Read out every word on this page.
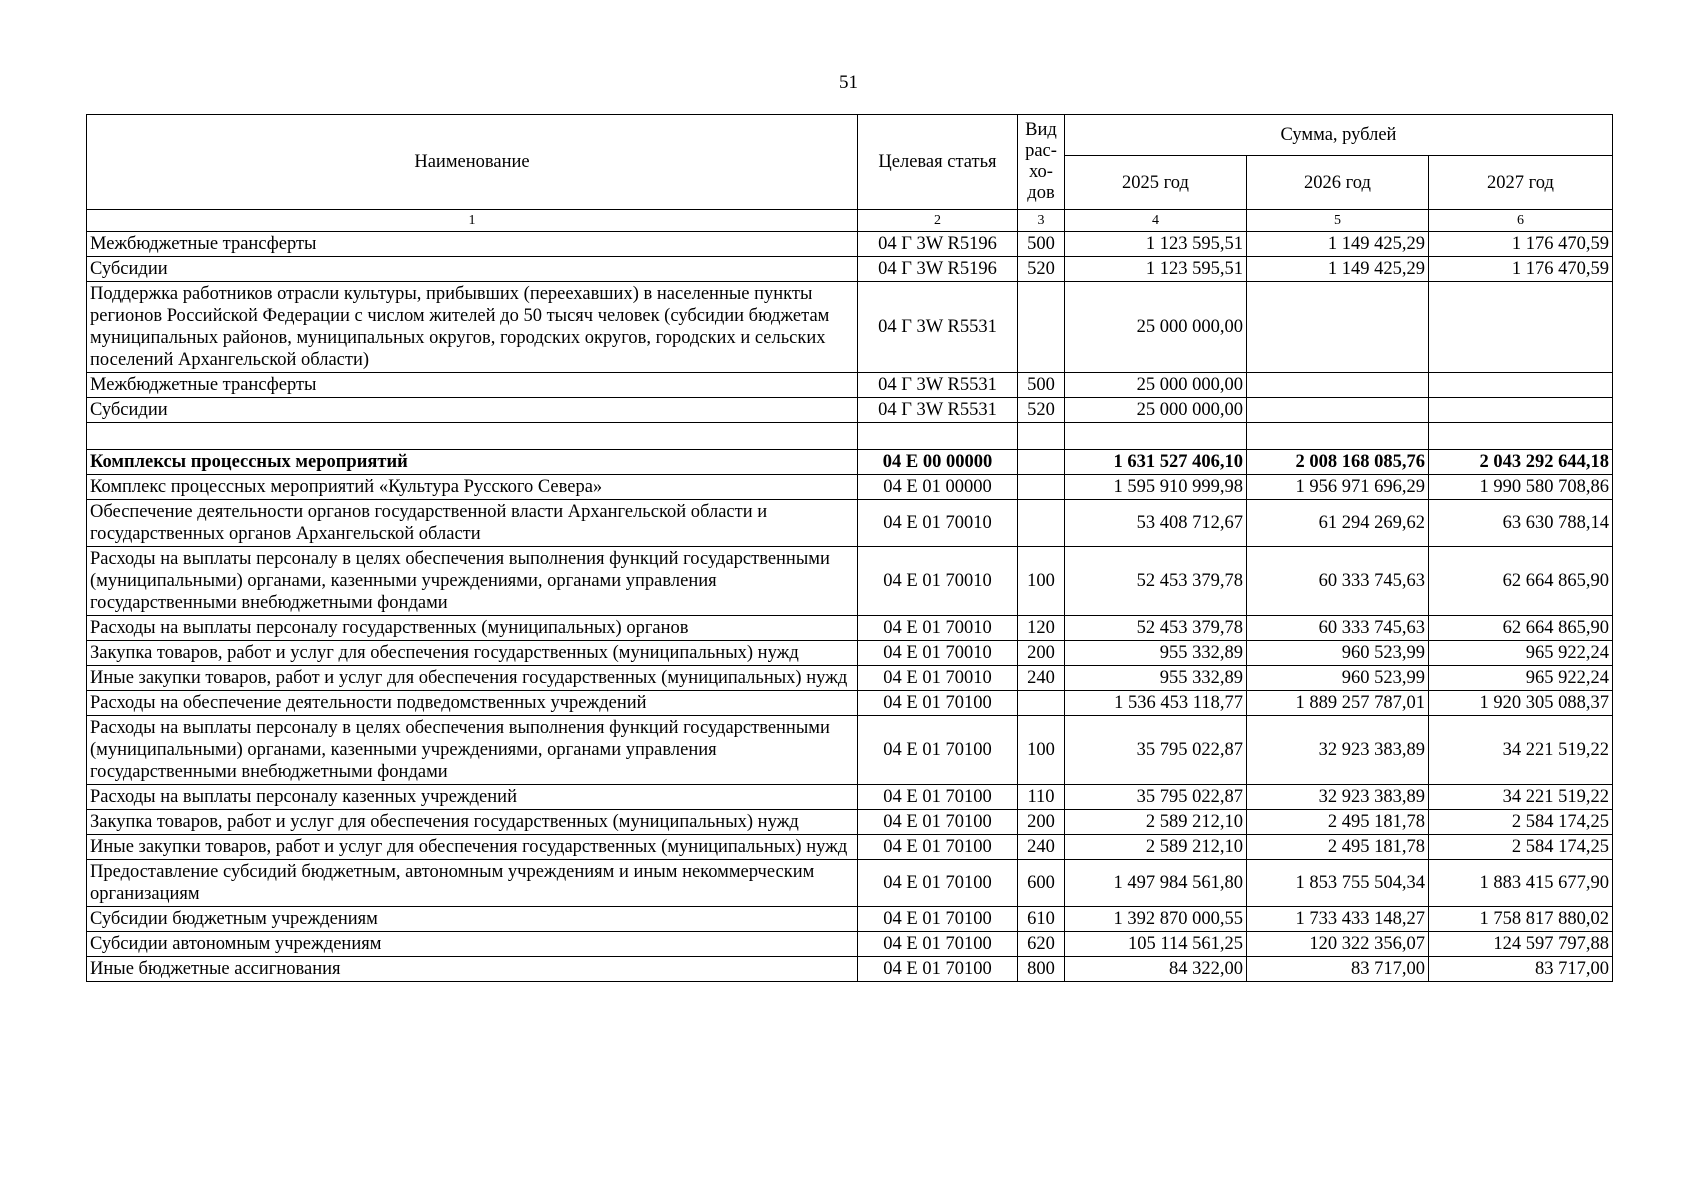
51
Наименование	Целевая статья	Вид рас-хо-дов	Сумма, рублей		
			2025 год	2026 год	2027 год
1	2	3	4	5	6
Межбюджетные трансферты	04 Г 3W R5196	500	1 123 595,51	1 149 425,29	1 176 470,59
Субсидии	04 Г 3W R5196	520	1 123 595,51	1 149 425,29	1 176 470,59
Поддержка работников отрасли культуры, прибывших (переехавших) в населенные пункты регионов Российской Федерации с числом жителей до 50 тысяч человек (субсидии бюджетам муниципальных районов, муниципальных округов, городских округов, городских и сельских поселений Архангельской области)	04 Г 3W R5531		25 000 000,00		
Межбюджетные трансферты	04 Г 3W R5531	500	25 000 000,00		
Субсидии	04 Г 3W R5531	520	25 000 000,00		

Комплексы процессных мероприятий	04 Е 00 00000		1 631 527 406,10	2 008 168 085,76	2 043 292 644,18
Комплекс процессных мероприятий «Культура Русского Севера»	04 Е 01 00000		1 595 910 999,98	1 956 971 696,29	1 990 580 708,86
Обеспечение деятельности органов государственной власти Архангельской области и государственных органов Архангельской области	04 Е 01 70010		53 408 712,67	61 294 269,62	63 630 788,14
Расходы на выплаты персоналу в целях обеспечения выполнения функций государственными (муниципальными) органами, казенными учреждениями, органами управления государственными внебюджетными фондами	04 Е 01 70010	100	52 453 379,78	60 333 745,63	62 664 865,90
Расходы на выплаты персоналу государственных (муниципальных) органов	04 Е 01 70010	120	52 453 379,78	60 333 745,63	62 664 865,90
Закупка товаров, работ и услуг для обеспечения государственных (муниципальных) нужд	04 Е 01 70010	200	955 332,89	960 523,99	965 922,24
Иные закупки товаров, работ и услуг для обеспечения государственных (муниципальных) нужд	04 Е 01 70010	240	955 332,89	960 523,99	965 922,24
Расходы на обеспечение деятельности подведомственных учреждений	04 Е 01 70100		1 536 453 118,77	1 889 257 787,01	1 920 305 088,37
Расходы на выплаты персоналу в целях обеспечения выполнения функций государственными (муниципальными) органами, казенными учреждениями, органами управления государственными внебюджетными фондами	04 Е 01 70100	100	35 795 022,87	32 923 383,89	34 221 519,22
Расходы на выплаты персоналу казенных учреждений	04 Е 01 70100	110	35 795 022,87	32 923 383,89	34 221 519,22
Закупка товаров, работ и услуг для обеспечения государственных (муниципальных) нужд	04 Е 01 70100	200	2 589 212,10	2 495 181,78	2 584 174,25
Иные закупки товаров, работ и услуг для обеспечения государственных (муниципальных) нужд	04 Е 01 70100	240	2 589 212,10	2 495 181,78	2 584 174,25
Предоставление субсидий бюджетным, автономным учреждениям и иным некоммерческим организациям	04 Е 01 70100	600	1 497 984 561,80	1 853 755 504,34	1 883 415 677,90
Субсидии бюджетным учреждениям	04 Е 01 70100	610	1 392 870 000,55	1 733 433 148,27	1 758 817 880,02
Субсидии автономным учреждениям	04 Е 01 70100	620	105 114 561,25	120 322 356,07	124 597 797,88
Иные бюджетные ассигнования	04 Е 01 70100	800	84 322,00	83 717,00	83 717,00
